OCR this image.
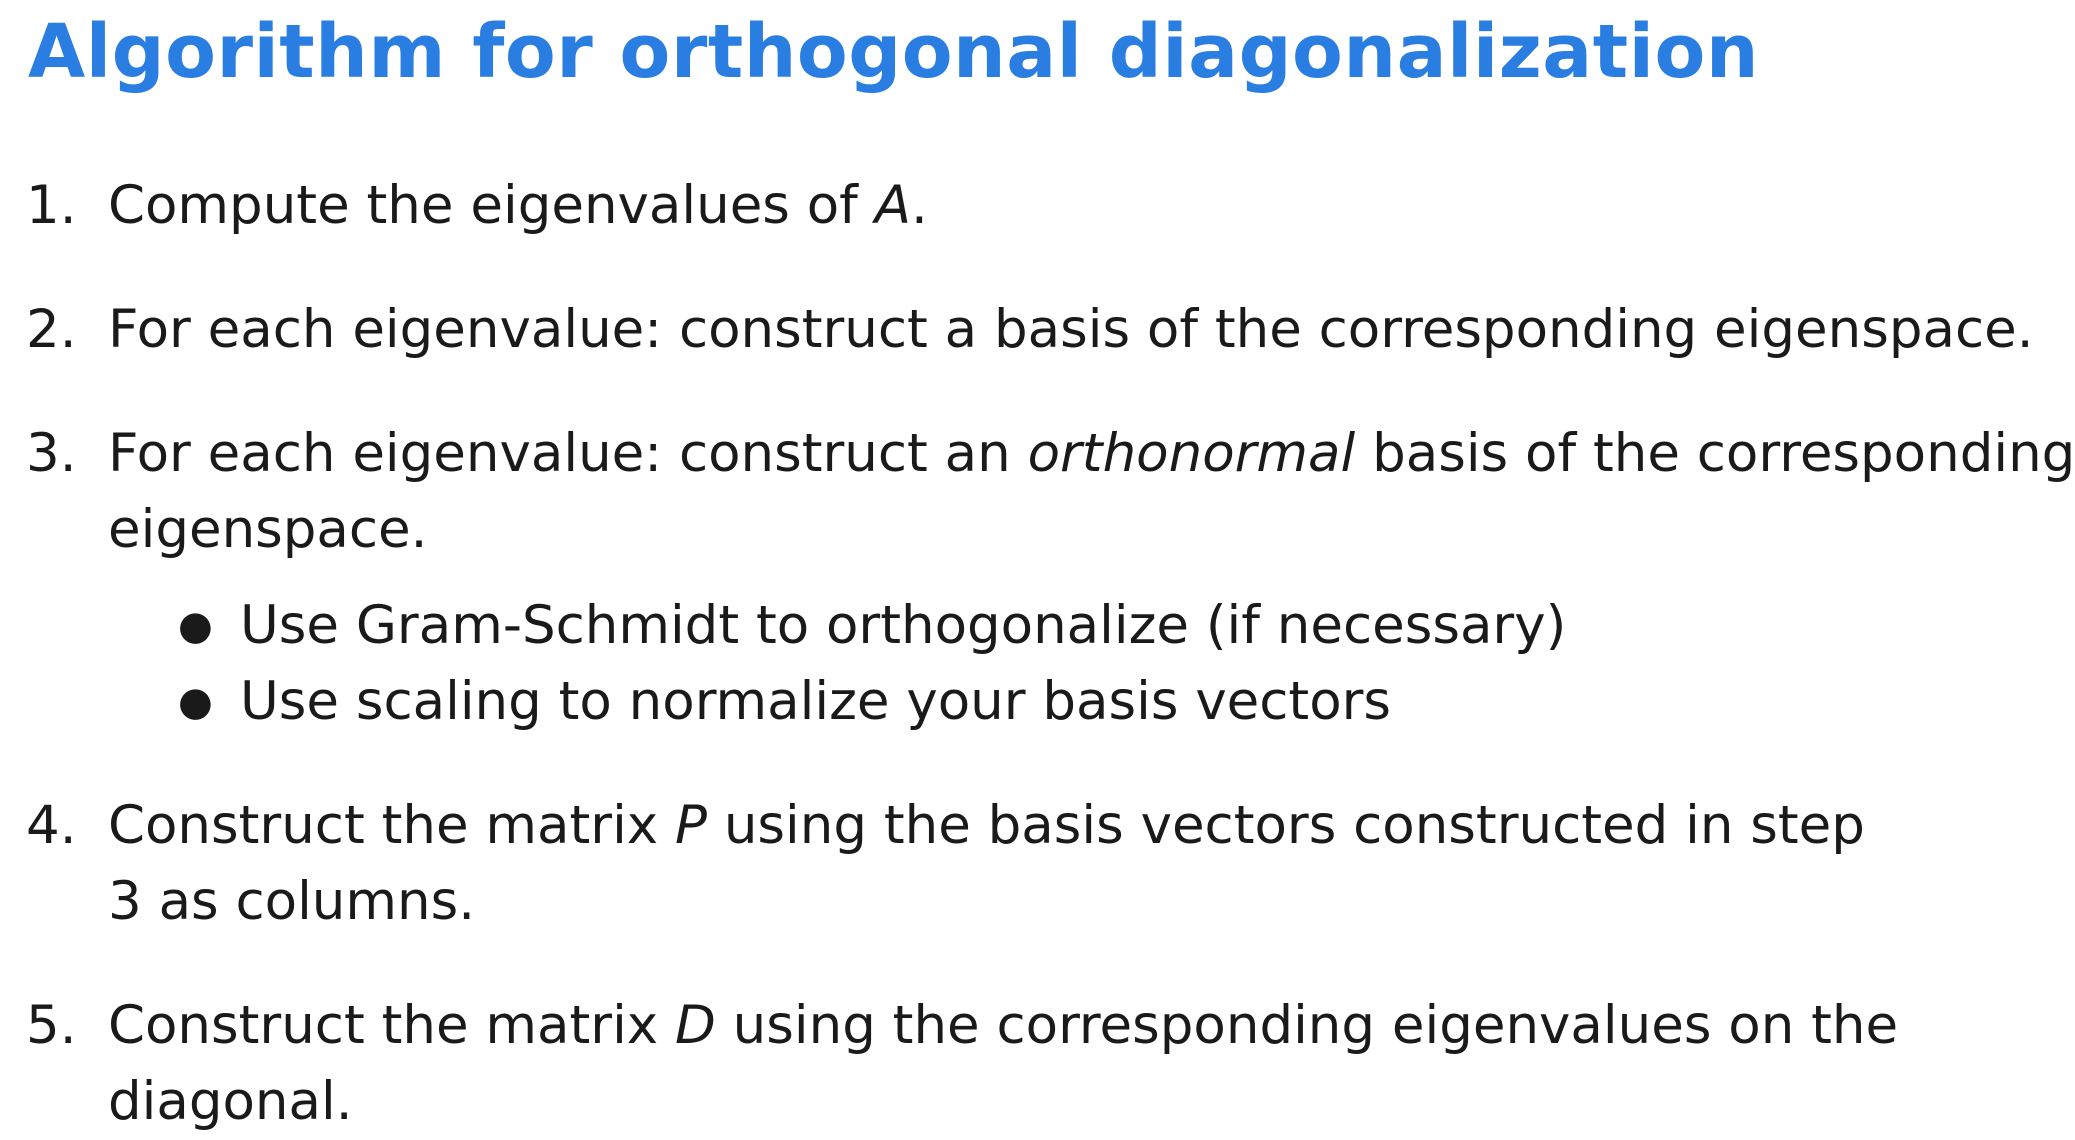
Algorithm for orthogonal diagonalization
1. Compute the eigenvalues of A.
2. For each eigenvalue: construct a basis of the corresponding eigenspace.
3. For each eigenvalue: construct an orthonormal basis of the corresponding
eigenspace.
● Use Gram-Schmidt to orthogonalize (if necessary)
● Use scaling to normalize your basis vectors
4. Construct the matrix P using the basis vectors constructed in step
3 as columns.
5. Construct the matrix D using the corresponding eigenvalues on the
diagonal.
